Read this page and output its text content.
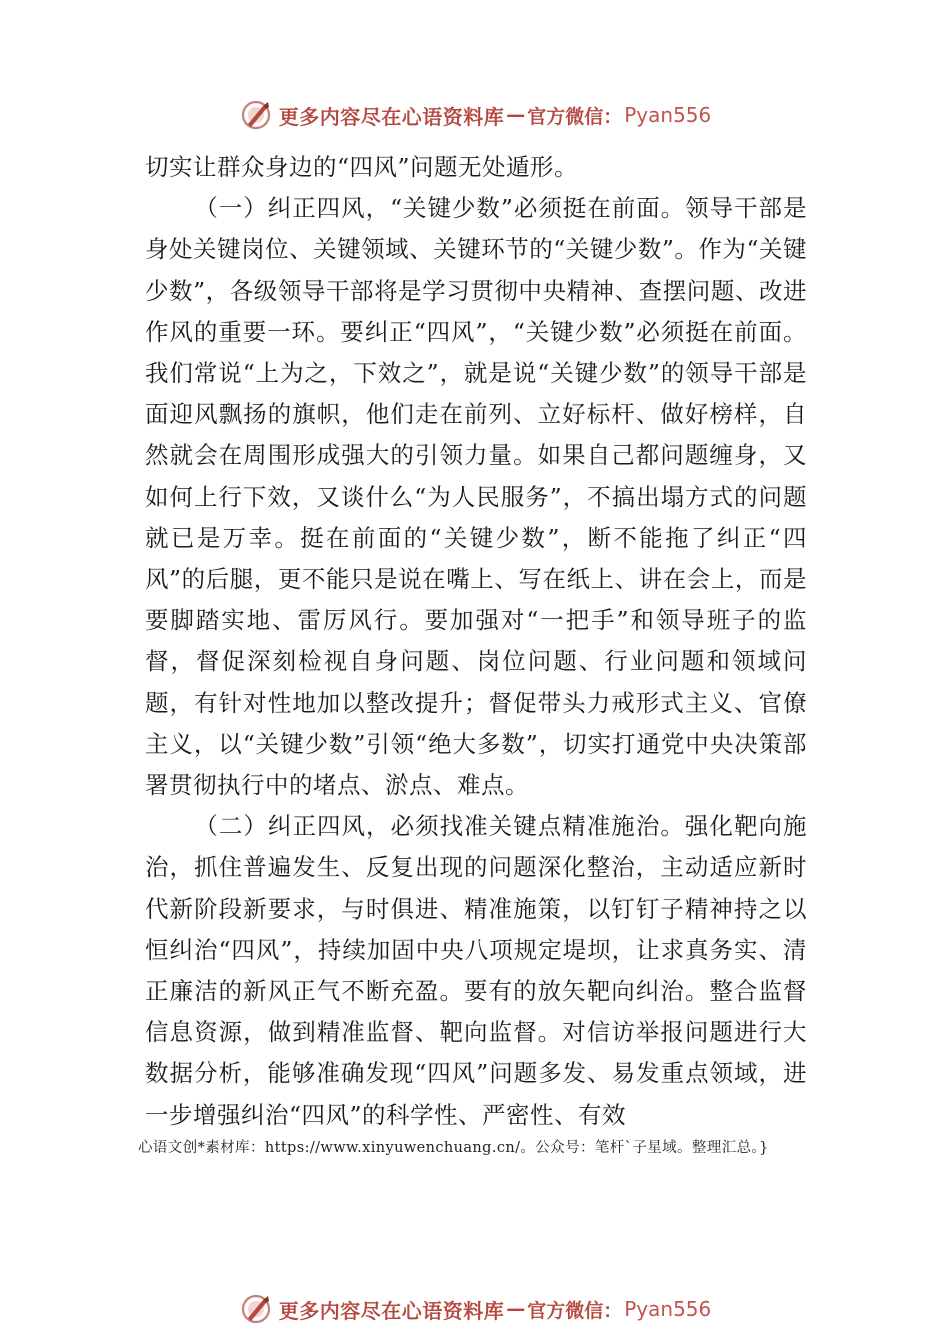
更多内容尽在心语资料库 — 官方微信： Pyan556

切实让群众身边的“四风”问题无处遁形。

（一）纠正四风，“关键少数”必须挺在前面。领导干部是身处关键岗位、关键领域、关键环节的“关键少数”。作为“关键少数”，各级领导干部将是学习贯彻中央精神、查摆问题、改进作风的重要一环。要纠正“四风”，“关键少数”必须挺在前面。我们常说“上为之，下效之”，就是说“关键少数”的领导干部是面迎风飘扬的旗帜，他们走在前列、立好标杆、做好榜样，自然就会在周围形成强大的引领力量。如果自己都问题缠身，又如何上行下效，又谈什么“为人民服务”，不搞出塌方式的问题就已是万幸。挺在前面的“关键少数”，断不能拖了纠正“四风”的后腿，更不能只是说在嘴上、写在纸上、讲在会上，而是要脚踏实地、雷厉风行。要加强对“一把手”和领导班子的监督，督促深刻检视自身问题、岗位问题、行业问题和领域问题，有针对性地加以整改提升；督促带头力戒形式主义、官僚主义，以“关键少数”引领“绝大多数”，切实打通党中央决策部署贯彻执行中的堵点、淤点、难点。

（二）纠正四风，必须找准关键点精准施治。强化靶向施治，抓住普遍发生、反复出现的问题深化整治，主动适应新时代新阶段新要求，与时俱进、精准施策，以钉钉子精神持之以恒纠治“四风”，持续加固中央八项规定堤坝，让求真务实、清正廉洁的新风正气不断充盈。要有的放矢靶向纠治。整合监督信息资源，做到精准监督、靶向监督。对信访举报问题进行大数据分析，能够准确发现“四风”问题多发、易发重点领域，进一步增强纠治“四风”的科学性、严密性、有效

心语文创*素材库：https://www.xinyuwenchuang.cn/。公众号：笔杆`子星域。整理汇总。}
更多内容尽在心语资料库 — 官方微信： Pyan556
